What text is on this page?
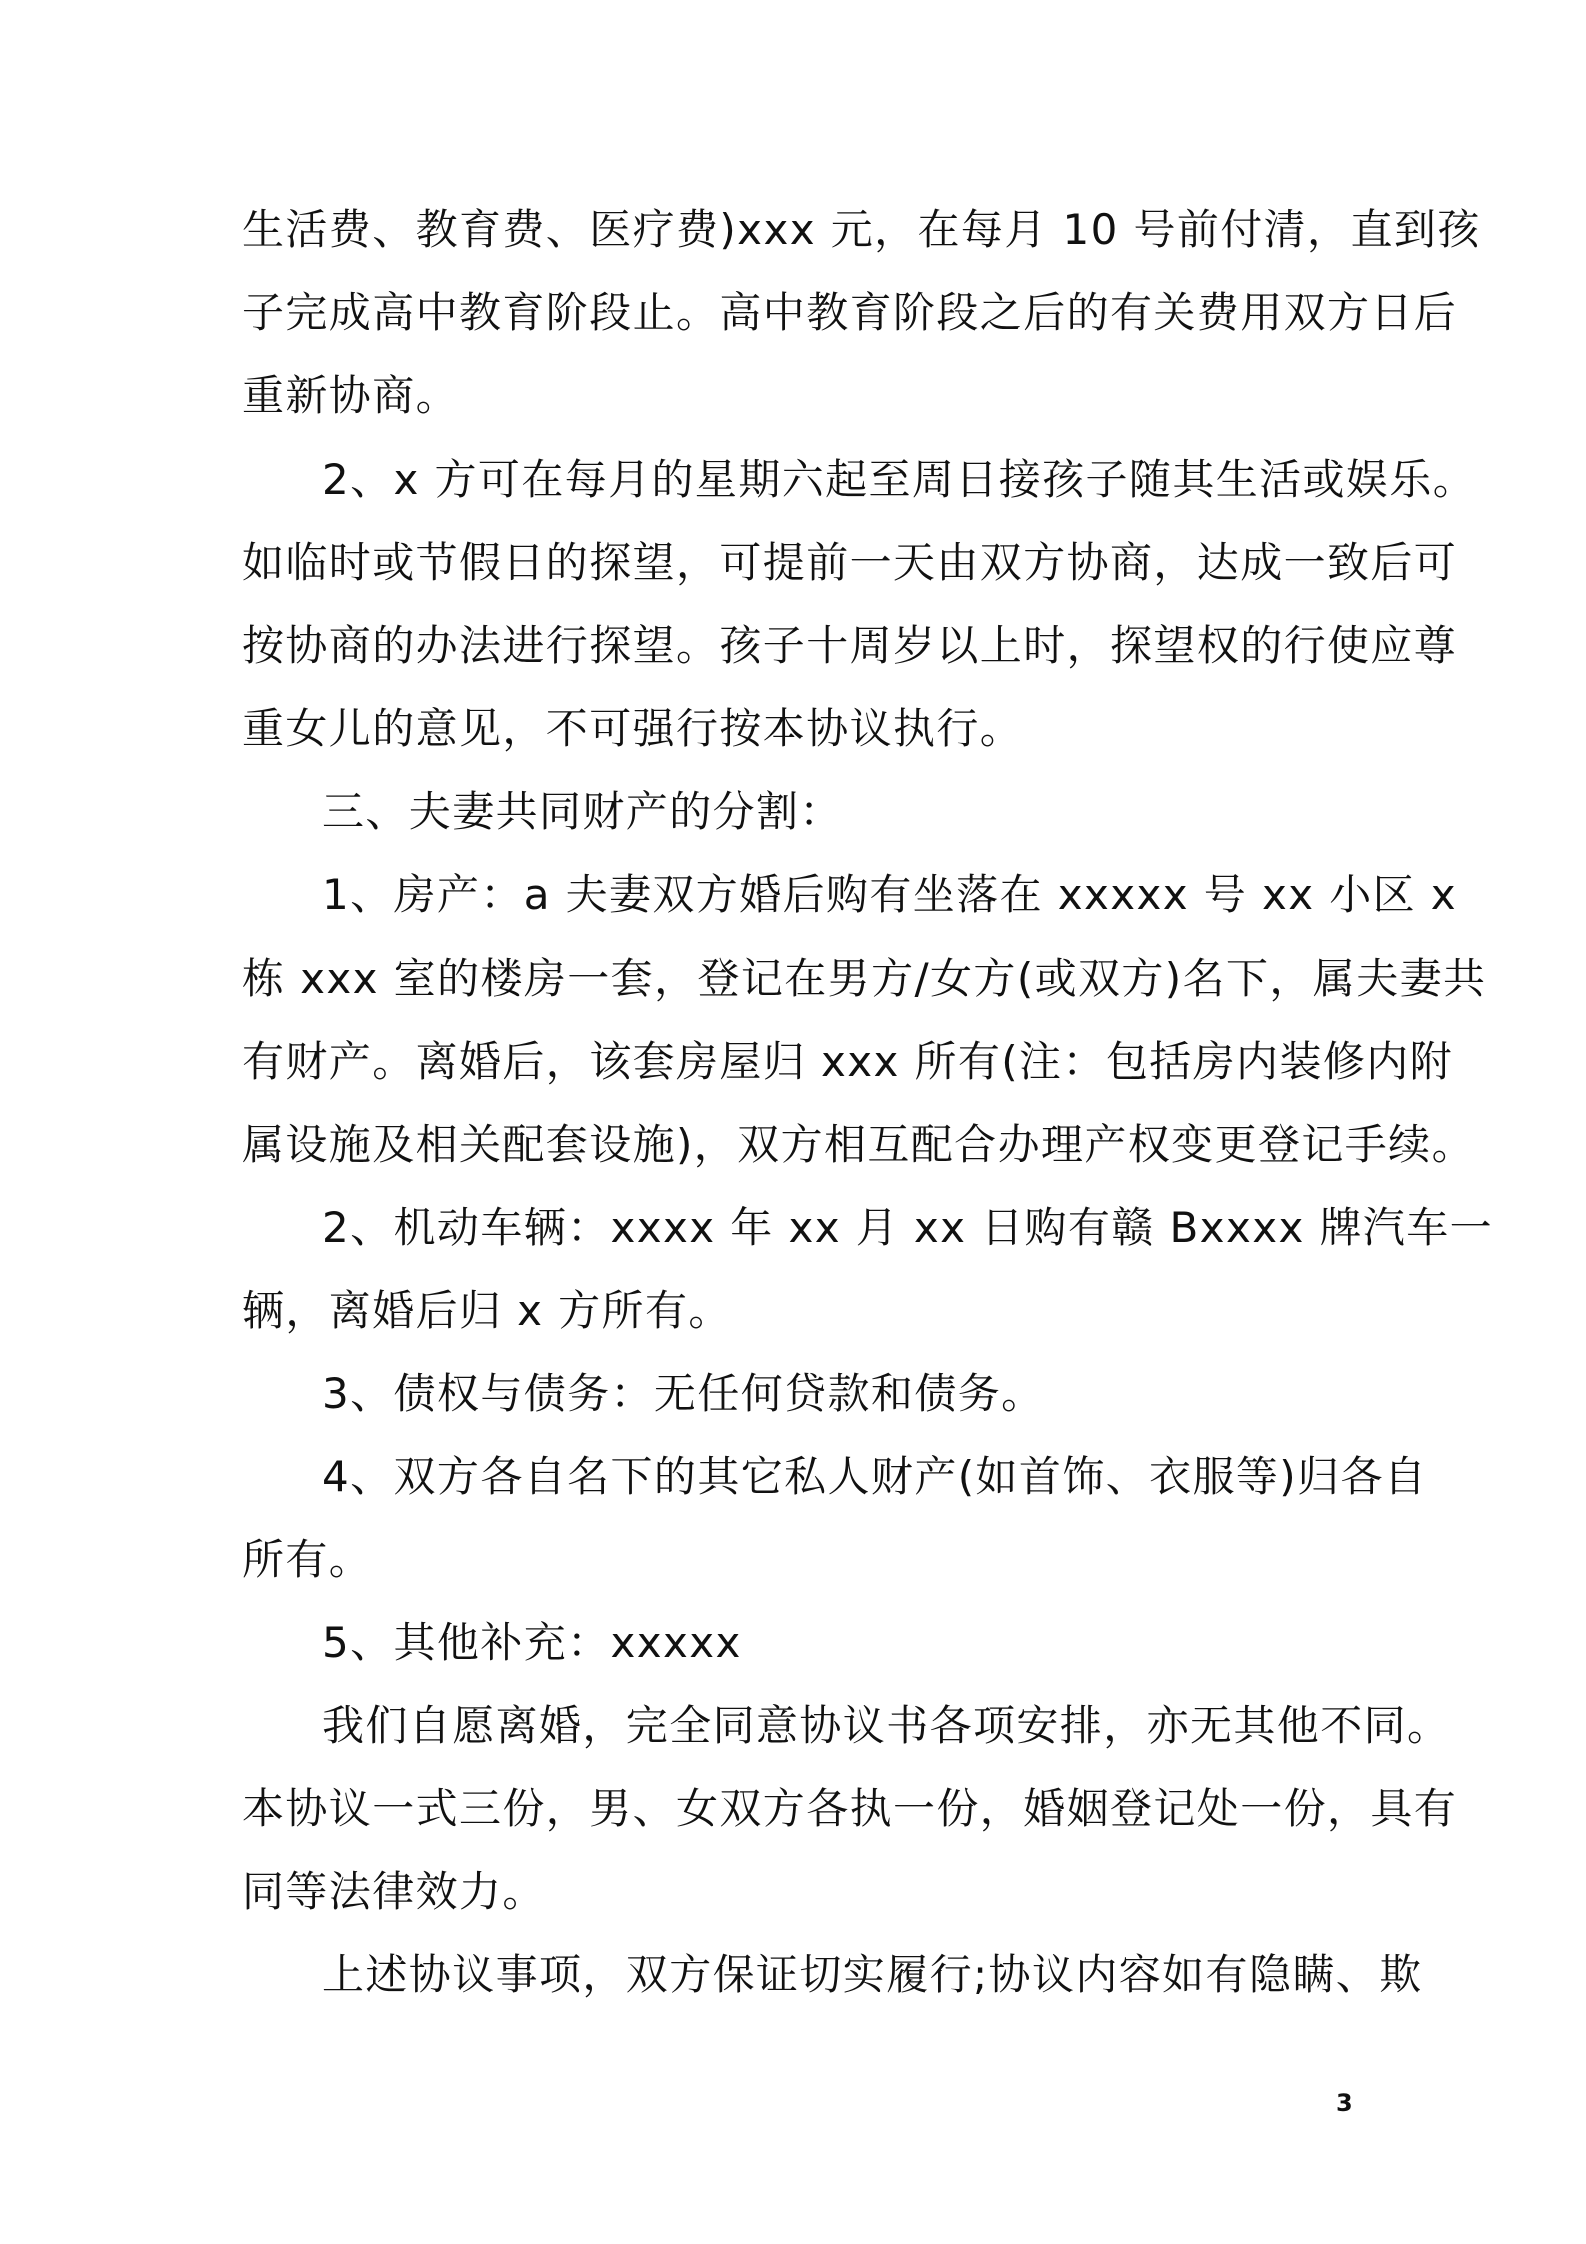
生活费、教育费、医疗费)xxx 元，在每月 10 号前付清，直到孩
子完成高中教育阶段止。高中教育阶段之后的有关费用双方日后
重新协商。
2、x 方可在每月的星期六起至周日接孩子随其生活或娱乐。
如临时或节假日的探望，可提前一天由双方协商，达成一致后可
按协商的办法进行探望。孩子十周岁以上时，探望权的行使应尊
重女儿的意见，不可强行按本协议执行。
三、夫妻共同财产的分割：
1、房产：a 夫妻双方婚后购有坐落在 xxxxx 号 xx 小区 x
栋 xxx 室的楼房一套，登记在男方/女方(或双方)名下，属夫妻共
有财产。离婚后，该套房屋归 xxx 所有(注：包括房内装修内附
属设施及相关配套设施)，双方相互配合办理产权变更登记手续。
2、机动车辆：xxxx 年 xx 月 xx 日购有赣 Bxxxx 牌汽车一
辆，离婚后归 x 方所有。
3、债权与债务：无任何贷款和债务。
4、双方各自名下的其它私人财产(如首饰、衣服等)归各自
所有。
5、其他补充：xxxxx
我们自愿离婚，完全同意协议书各项安排，亦无其他不同。
本协议一式三份，男、女双方各执一份，婚姻登记处一份，具有
同等法律效力。
上述协议事项，双方保证切实履行;协议内容如有隐瞒、欺
3
